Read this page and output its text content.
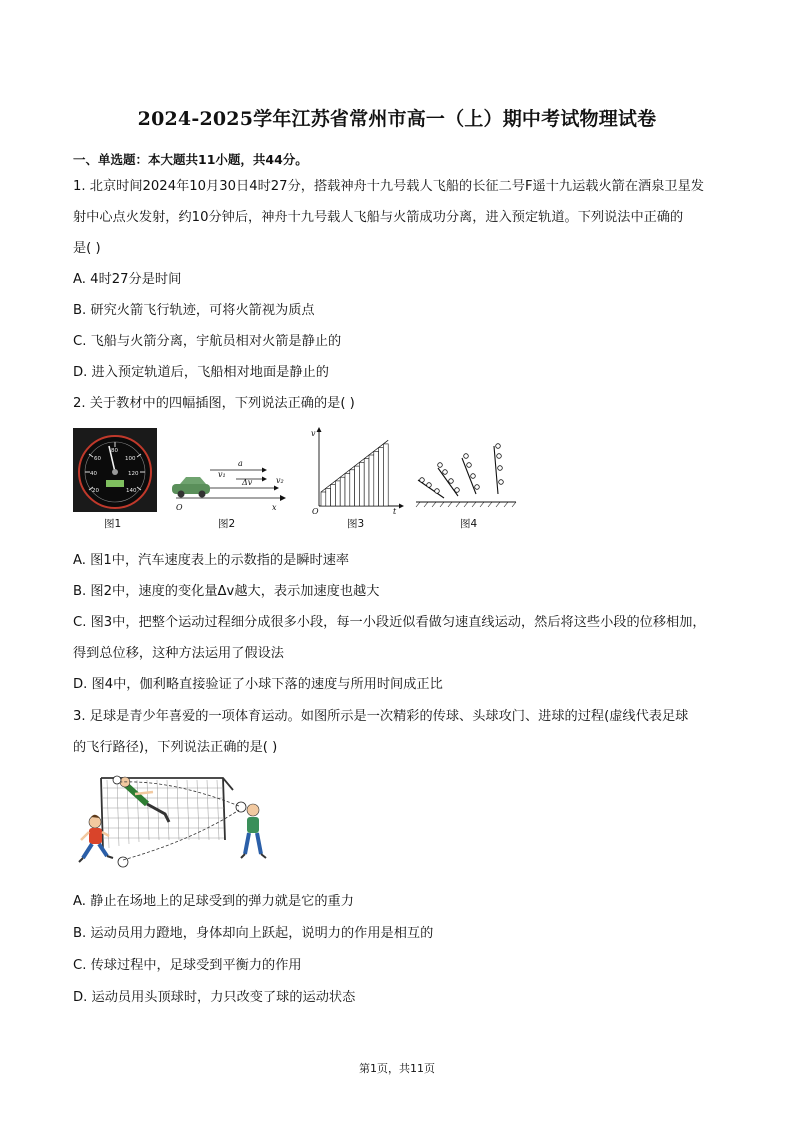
2024-2025学年江苏省常州市高一（上）期中考试物理试卷
一、单选题：本大题共11小题，共44分。
1. 北京时间2024年10月30日4时27分，搭载神舟十九号载人飞船的长征二号F遥十九运载火箭在酒泉卫星发
射中心点火发射，约10分钟后，神舟十九号载人飞船与火箭成功分离，进入预定轨道。下列说法中正确的
是( )
A. 4时27分是时间
B. 研究火箭飞行轨迹，可将火箭视为质点
C. 飞船与火箭分离，宇航员相对火箭是静止的
D. 进入预定轨道后，飞船相对地面是静止的
2. 关于教材中的四幅插图，下列说法正确的是( )
20
40
60
80
100
120
140
图1
a
v₁
Δv	v₂
O	x
图2
v
O	t
图3	图4
A. 图1中，汽车速度表上的示数指的是瞬时速率
B. 图2中，速度的变化量Δv越大，表示加速度也越大
C. 图3中，把整个运动过程细分成很多小段，每一小段近似看做匀速直线运动，然后将这些小段的位移相加，
得到总位移，这种方法运用了假设法
D. 图4中，伽利略直接验证了小球下落的速度与所用时间成正比
3. 足球是青少年喜爱的一项体育运动。如图所示是一次精彩的传球、头球攻门、进球的过程(虚线代表足球
的飞行路径)，下列说法正确的是( )
A. 静止在场地上的足球受到的弹力就是它的重力
B. 运动员用力蹬地，身体却向上跃起，说明力的作用是相互的
C. 传球过程中，足球受到平衡力的作用
D. 运动员用头顶球时，力只改变了球的运动状态
第1页，共11页
